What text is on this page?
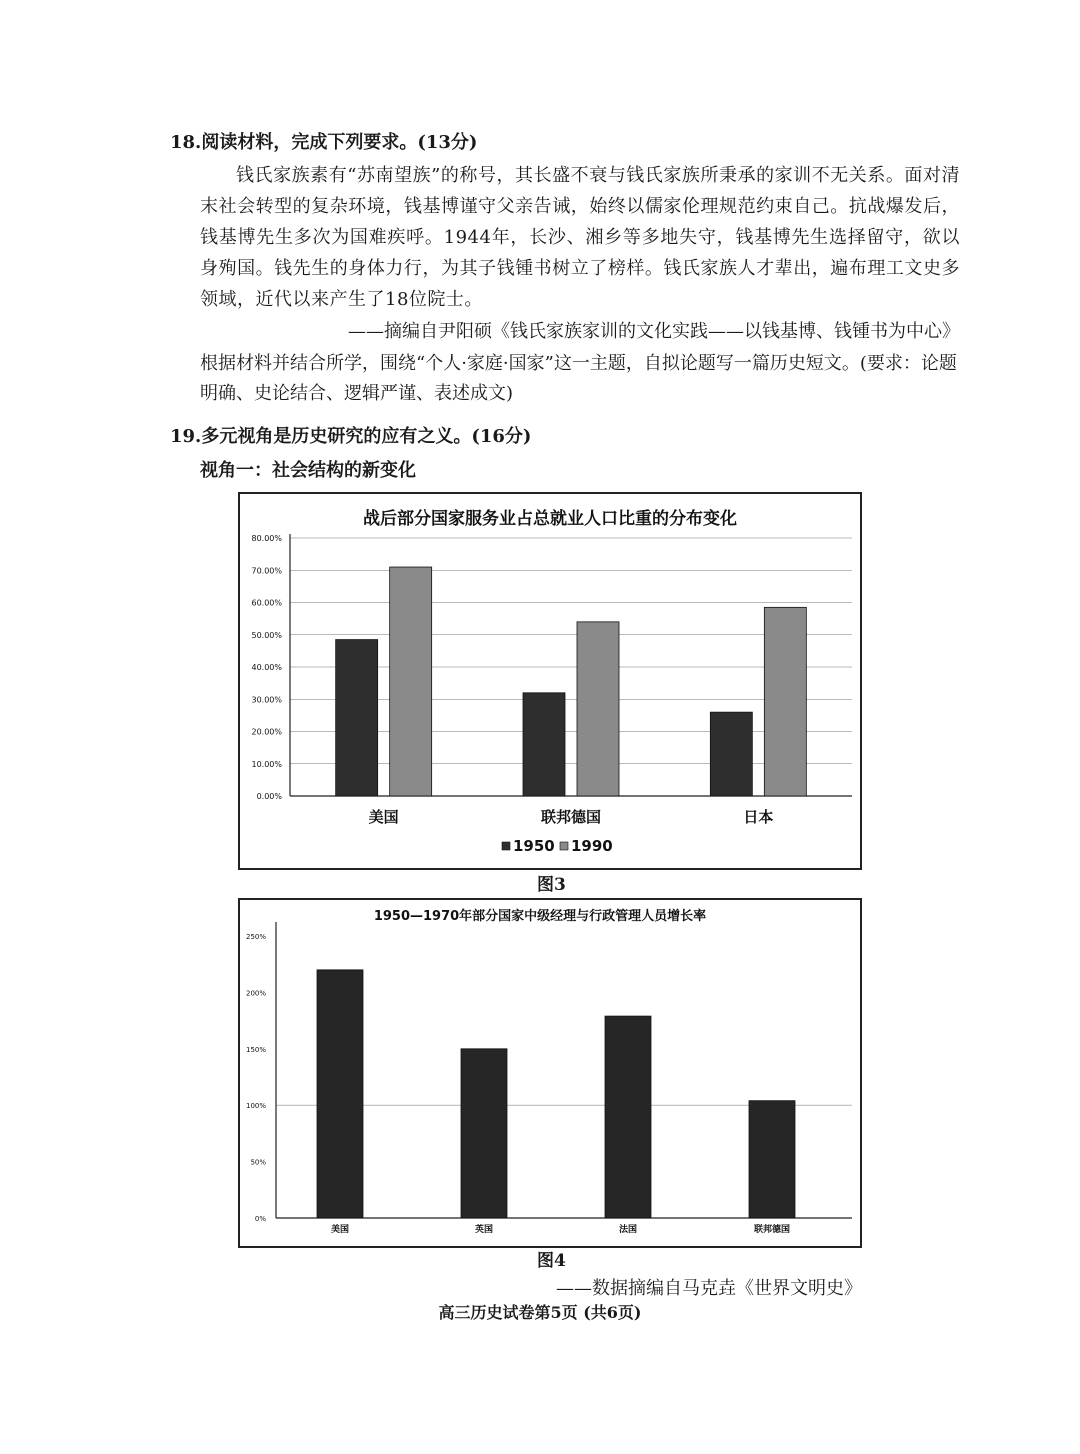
18.阅读材料，完成下列要求。(13分)
钱氏家族素有“苏南望族”的称号，其长盛不衰与钱氏家族所秉承的家训不无关系。面对清末社会转型的复杂环境，钱基博谨守父亲告诫，始终以儒家伦理规范约束自己。抗战爆发后，钱基博先生多次为国难疾呼。1944年，长沙、湘乡等多地失守，钱基博先生选择留守，欲以身殉国。钱先生的身体力行，为其子钱锺书树立了榜样。钱氏家族人才辈出，遍布理工文史多领域，近代以来产生了18位院士。
——摘编自尹阳硕《钱氏家族家训的文化实践——以钱基博、钱锺书为中心》
根据材料并结合所学，围绕“个人·家庭·国家”这一主题，自拟论题写一篇历史短文。(要求：论题明确、史论结合、逻辑严谨、表述成文)
19.多元视角是历史研究的应有之义。(16分)
视角一：社会结构的新变化
战后部分国家服务业占总就业人口比重的分布变化
0.00%
10.00%
20.00%
30.00%
40.00%
50.00%
60.00%
70.00%
80.00%
美国	联邦德国	日本
1950 1990
图3
1950—1970年部分国家中级经理与行政管理人员增长率
0%
50%
100%
150%
200%
250%
美国	英国	法国	联邦德国
图4
——数据摘编自马克垚《世界文明史》
高三历史试卷第5页 (共6页)
